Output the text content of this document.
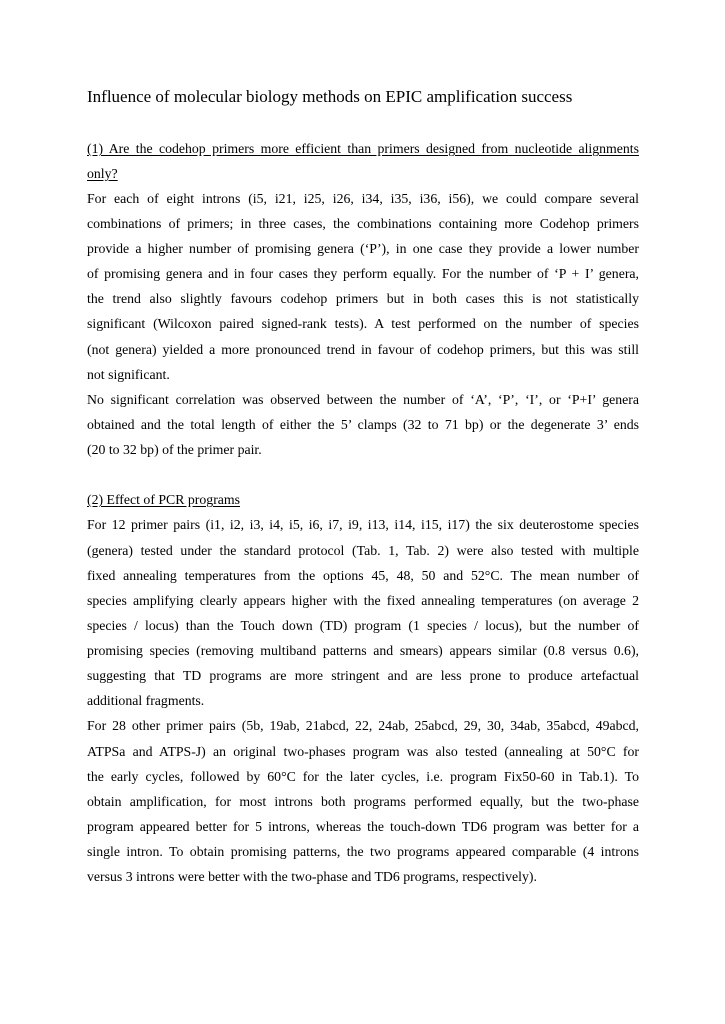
Influence of molecular biology methods on EPIC amplification success
(1) Are the codehop primers more efficient than primers designed from nucleotide alignments
only?
For each of eight introns (i5, i21, i25, i26, i34, i35, i36, i56), we could compare several
combinations of primers; in three cases, the combinations containing more Codehop primers
provide a higher number of promising genera (‘P’), in one case they provide a lower number
of promising genera and in four cases they perform equally. For the number of ‘P + I’ genera,
the trend also slightly favours codehop primers but in both cases this is not statistically
significant (Wilcoxon paired signed-rank tests). A test performed on the number of species
(not genera) yielded a more pronounced trend in favour of codehop primers, but this was still
not significant.
No significant correlation was observed between the number of ‘A’, ‘P’, ‘I’, or ‘P+I’ genera
obtained and the total length of either the 5’ clamps (32 to 71 bp) or the degenerate 3’ ends
(20 to 32 bp) of the primer pair.
(2) Effect of PCR programs
For 12 primer pairs (i1, i2, i3, i4, i5, i6, i7, i9, i13, i14, i15, i17) the six deuterostome species
(genera) tested under the standard protocol (Tab. 1, Tab. 2) were also tested with multiple
fixed annealing temperatures from the options 45, 48, 50 and 52°C. The mean number of
species amplifying clearly appears higher with the fixed annealing temperatures (on average 2
species / locus) than the Touch down (TD) program (1 species / locus), but the number of
promising species (removing multiband patterns and smears) appears similar (0.8 versus 0.6),
suggesting that TD programs are more stringent and are less prone to produce artefactual
additional fragments.
For 28 other primer pairs (5b, 19ab, 21abcd, 22, 24ab, 25abcd, 29, 30, 34ab, 35abcd, 49abcd,
ATPSa and ATPS-J) an original two-phases program was also tested (annealing at 50°C for
the early cycles, followed by 60°C for the later cycles, i.e. program Fix50-60 in Tab.1). To
obtain amplification, for most introns both programs performed equally, but the two-phase
program appeared better for 5 introns, whereas the touch-down TD6 program was better for a
single intron. To obtain promising patterns, the two programs appeared comparable (4 introns
versus 3 introns were better with the two-phase and TD6 programs, respectively).
